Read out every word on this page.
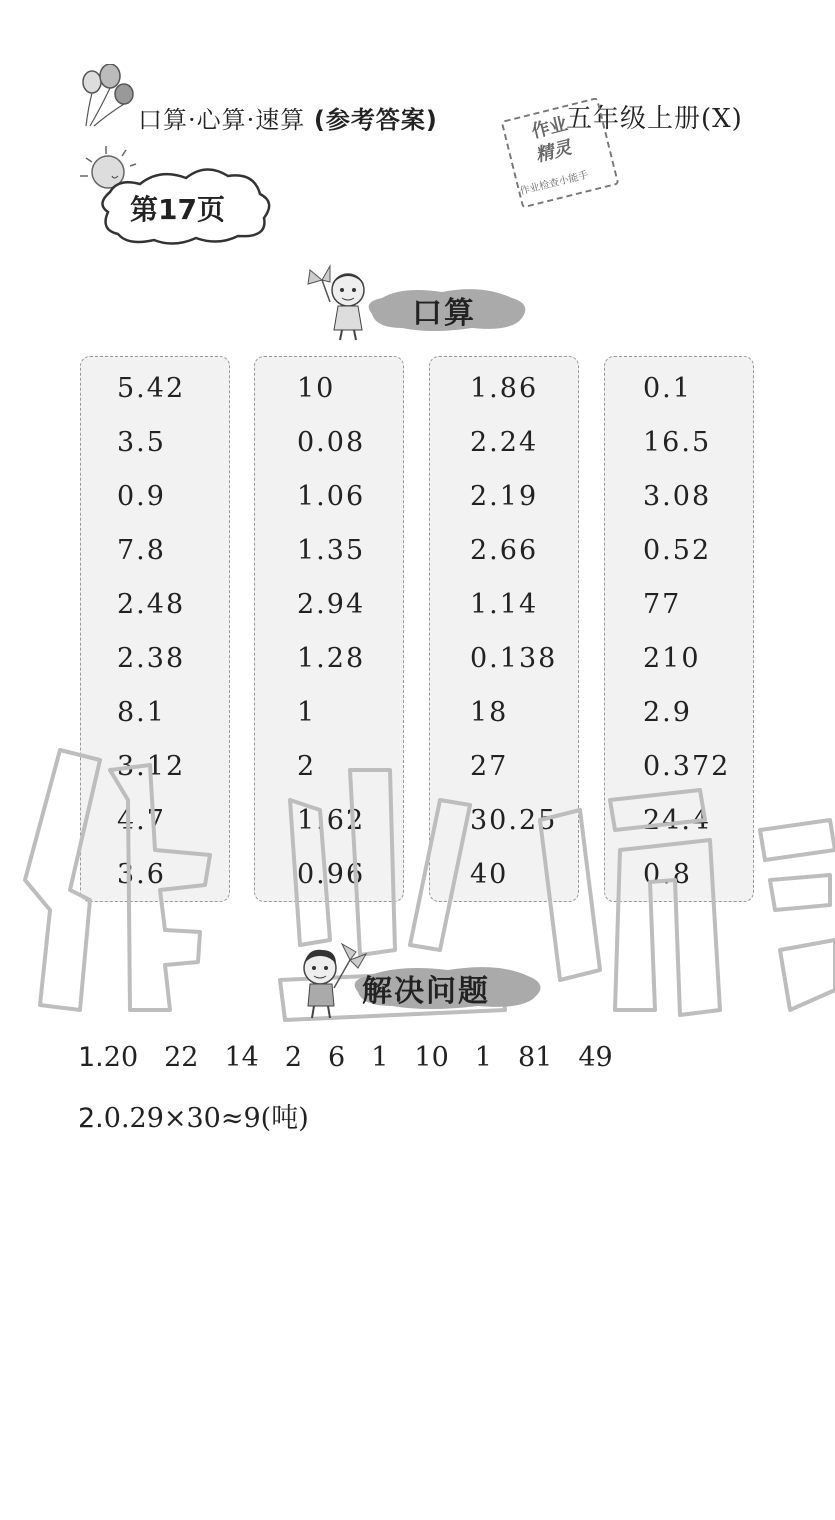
口算·心算·速算 (参考答案)	五年级上册(X)
作业
精灵
作业检查小能手
第17页
口算
5.42
3.5
0.9
7.8
2.48
2.38
8.1
3.12
4.7
3.6
10
0.08
1.06
1.35
2.94
1.28
1
2
1.62
0.96
1.86
2.24
2.19
2.66
1.14
0.138
18
27
30.25
40
0.1
16.5
3.08
0.52
77
210
2.9
0.372
24.4
0.8
解决问题
1.20 22 14 2 6 1 10 1 81 49
2.0.29×30≈9(吨)
